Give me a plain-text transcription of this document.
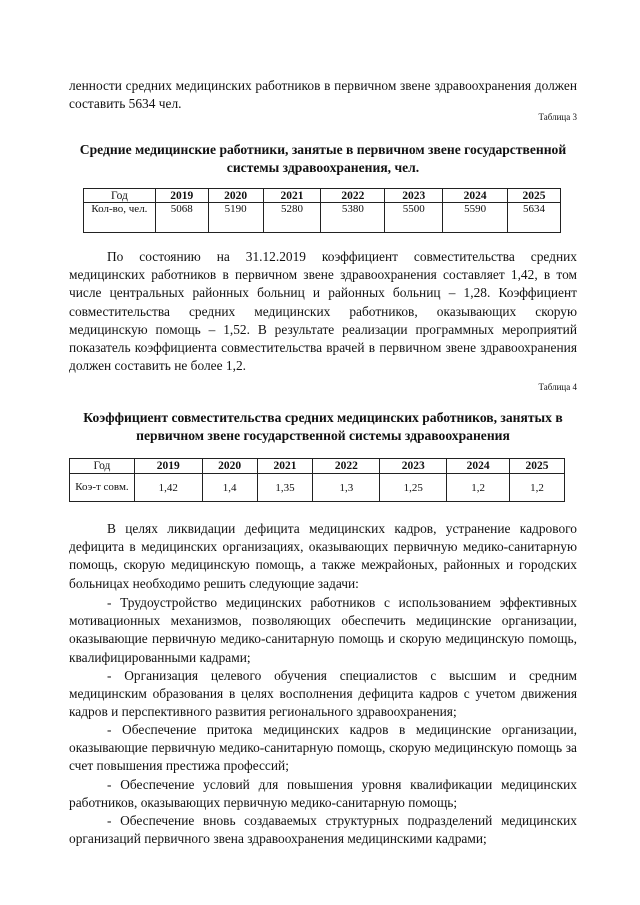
ленности средних медицинских работников в первичном звене здравоохранения должен составить 5634 чел.

Таблица 3

Средние медицинские работники, занятые в первичном звене государственной системы здравоохранения, чел.

Год	2019	2020	2021	2022	2023	2024	2025
Кол-во, чел.	5068	5190	5280	5380	5500	5590	5634

По состоянию на 31.12.2019 коэффициент совместительства средних медицинских работников в первичном звене здравоохранения составляет 1,42, в том числе центральных районных больниц и районных больниц – 1,28. Коэффициент совместительства средних медицинских работников, оказывающих скорую медицинскую помощь – 1,52. В результате реализации программных мероприятий показатель коэффициента совместительства врачей в первичном звене здравоохранения должен составить не более 1,2.

Таблица 4

Коэффициент совместительства средних медицинских работников, занятых в первичном звене государственной системы здравоохранения

Год	2019	2020	2021	2022	2023	2024	2025
Коэ-т совм.	1,42	1,4	1,35	1,3	1,25	1,2	1,2

В целях ликвидации дефицита медицинских кадров, устранение кадрового дефицита в медицинских организациях, оказывающих первичную медико-санитарную помощь, скорую медицинскую помощь, а также межрайоных, районных и городских больницах необходимо решить следующие задачи:

- Трудоустройство медицинских работников с использованием эффективных мотивационных механизмов, позволяющих обеспечить медицинские организации, оказывающие первичную медико-санитарную помощь и скорую медицинскую помощь, квалифицированными кадрами;

- Организация целевого обучения специалистов с высшим и средним медицинским образования в целях восполнения дефицита кадров с учетом движения кадров и перспективного развития регионального здравоохранения;

- Обеспечение притока медицинских кадров в медицинские организации, оказывающие первичную медико-санитарную помощь, скорую медицинскую помощь за счет повышения престижа профессий;

- Обеспечение условий для повышения уровня квалификации медицинских работников, оказывающих первичную медико-санитарную помощь;

- Обеспечение вновь создаваемых структурных подразделений медицинских организаций первичного звена здравоохранения медицинскими кадрами;
